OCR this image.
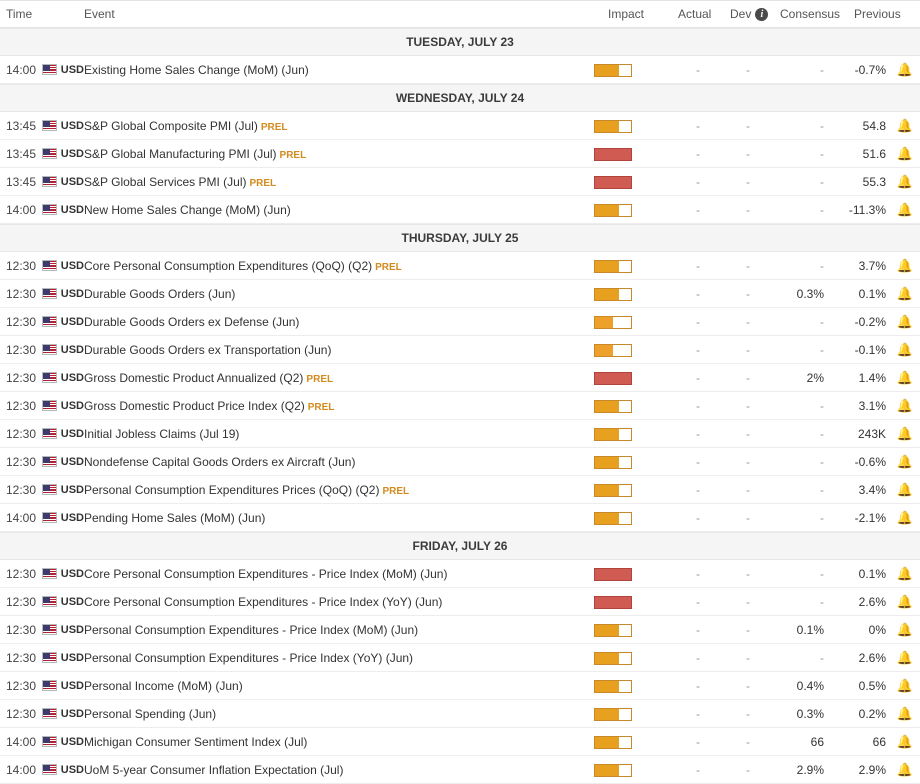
Time	Event	Impact	Actual	Dev i	Consensus	Previous
TUESDAY, JULY 23
14:00	USD Existing Home Sales Change (MoM) (Jun)	-	-	-	-0.7% 🔔
WEDNESDAY, JULY 24
13:45	USD S&P Global Composite PMI (Jul) PREL	-	-	-	54.8 🔔
13:45	USD S&P Global Manufacturing PMI (Jul) PREL	-	-	-	51.6 🔔
13:45	USD S&P Global Services PMI (Jul) PREL	-	-	-	55.3 🔔
14:00	USD New Home Sales Change (MoM) (Jun)	-	-	-	-11.3% 🔔
THURSDAY, JULY 25
12:30	USD Core Personal Consumption Expenditures (QoQ) (Q2) PREL	-	-	-	3.7% 🔔
12:30	USD Durable Goods Orders (Jun)	-	-	0.3%	0.1% 🔔
12:30	USD Durable Goods Orders ex Defense (Jun)	-	-	-	-0.2% 🔔
12:30	USD Durable Goods Orders ex Transportation (Jun)	-	-	-	-0.1% 🔔
12:30	USD Gross Domestic Product Annualized (Q2) PREL	-	-	2%	1.4% 🔔
12:30	USD Gross Domestic Product Price Index (Q2) PREL	-	-	-	3.1% 🔔
12:30	USD Initial Jobless Claims (Jul 19)	-	-	-	243K 🔔
12:30	USD Nondefense Capital Goods Orders ex Aircraft (Jun)	-	-	-	-0.6% 🔔
12:30	USD Personal Consumption Expenditures Prices (QoQ) (Q2) PREL	-	-	-	3.4% 🔔
14:00	USD Pending Home Sales (MoM) (Jun)	-	-	-	-2.1% 🔔
FRIDAY, JULY 26
12:30	USD Core Personal Consumption Expenditures - Price Index (MoM) (Jun)	-	-	-	0.1% 🔔
12:30	USD Core Personal Consumption Expenditures - Price Index (YoY) (Jun)	-	-	-	2.6% 🔔
12:30	USD Personal Consumption Expenditures - Price Index (MoM) (Jun)	-	-	0.1%	0% 🔔
12:30	USD Personal Consumption Expenditures - Price Index (YoY) (Jun)	-	-	-	2.6% 🔔
12:30	USD Personal Income (MoM) (Jun)	-	-	0.4%	0.5% 🔔
12:30	USD Personal Spending (Jun)	-	-	0.3%	0.2% 🔔
14:00	USD Michigan Consumer Sentiment Index (Jul)	-	-	66	66 🔔
14:00	USD UoM 5-year Consumer Inflation Expectation (Jul)	-	-	2.9%	2.9% 🔔
